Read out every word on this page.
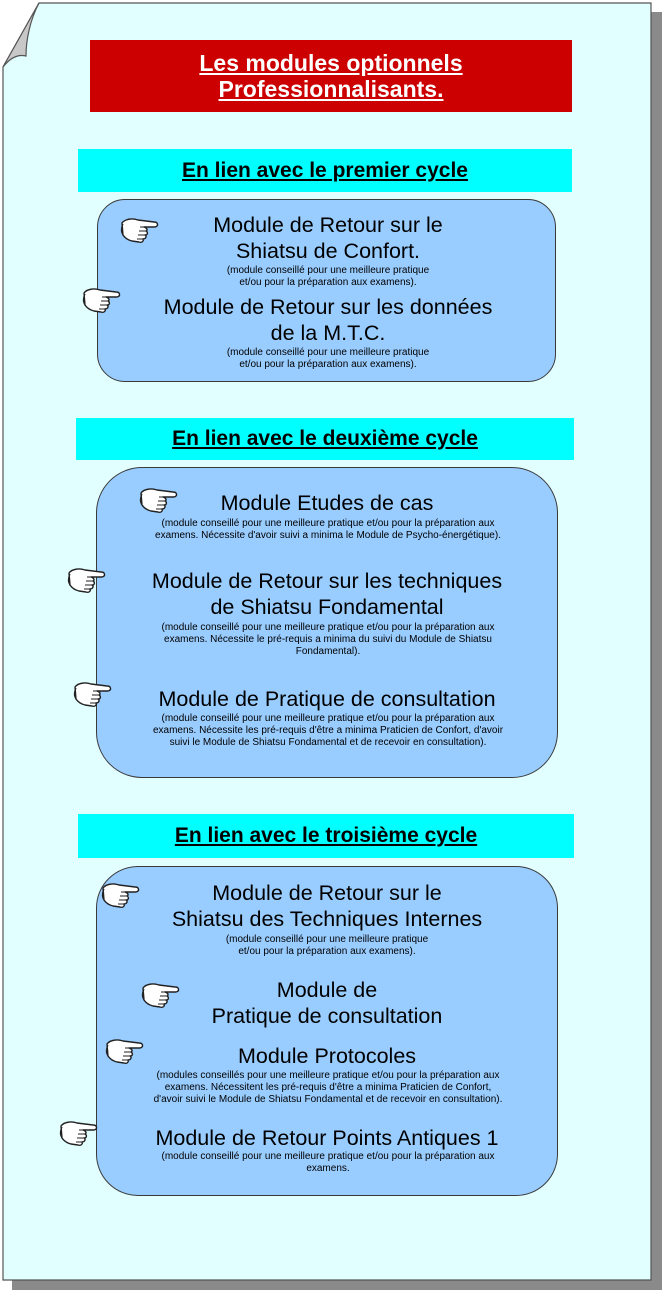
Les modules optionnels
Professionnalisants.
En lien avec le premier cycle
Module de Retour sur le
Shiatsu de Confort.
(module conseillé pour une meilleure pratique
et/ou pour la préparation aux examens).
Module de Retour sur les données
de la M.T.C.
(module conseillé pour une meilleure pratique
et/ou pour la préparation aux examens).
En lien avec le deuxième cycle
Module Etudes de cas
(module conseillé pour une meilleure pratique et/ou pour la préparation aux
examens. Nécessite d'avoir suivi a minima le Module de Psycho-énergétique).
Module de Retour sur les techniques
de Shiatsu Fondamental
(module conseillé pour une meilleure pratique et/ou pour la préparation aux
examens. Nécessite le pré-requis a minima du suivi du Module de Shiatsu
Fondamental).
Module de Pratique de consultation
(module conseillé pour une meilleure pratique et/ou pour la préparation aux
examens. Nécessite les pré-requis d'être a minima Praticien de Confort, d'avoir
suivi le Module de Shiatsu Fondamental et de recevoir en consultation).
En lien avec le troisième cycle
Module de Retour sur le
Shiatsu des Techniques Internes
(module conseillé pour une meilleure pratique
et/ou pour la préparation aux examens).
Module de
Pratique de consultation
Module Protocoles
(modules conseillés pour une meilleure pratique et/ou pour la préparation aux
examens. Nécessitent les pré-requis d'être a minima Praticien de Confort,
d'avoir suivi le Module de Shiatsu Fondamental et de recevoir en consultation).
Module de Retour Points Antiques 1
(module conseillé pour une meilleure pratique et/ou pour la préparation aux
examens.
